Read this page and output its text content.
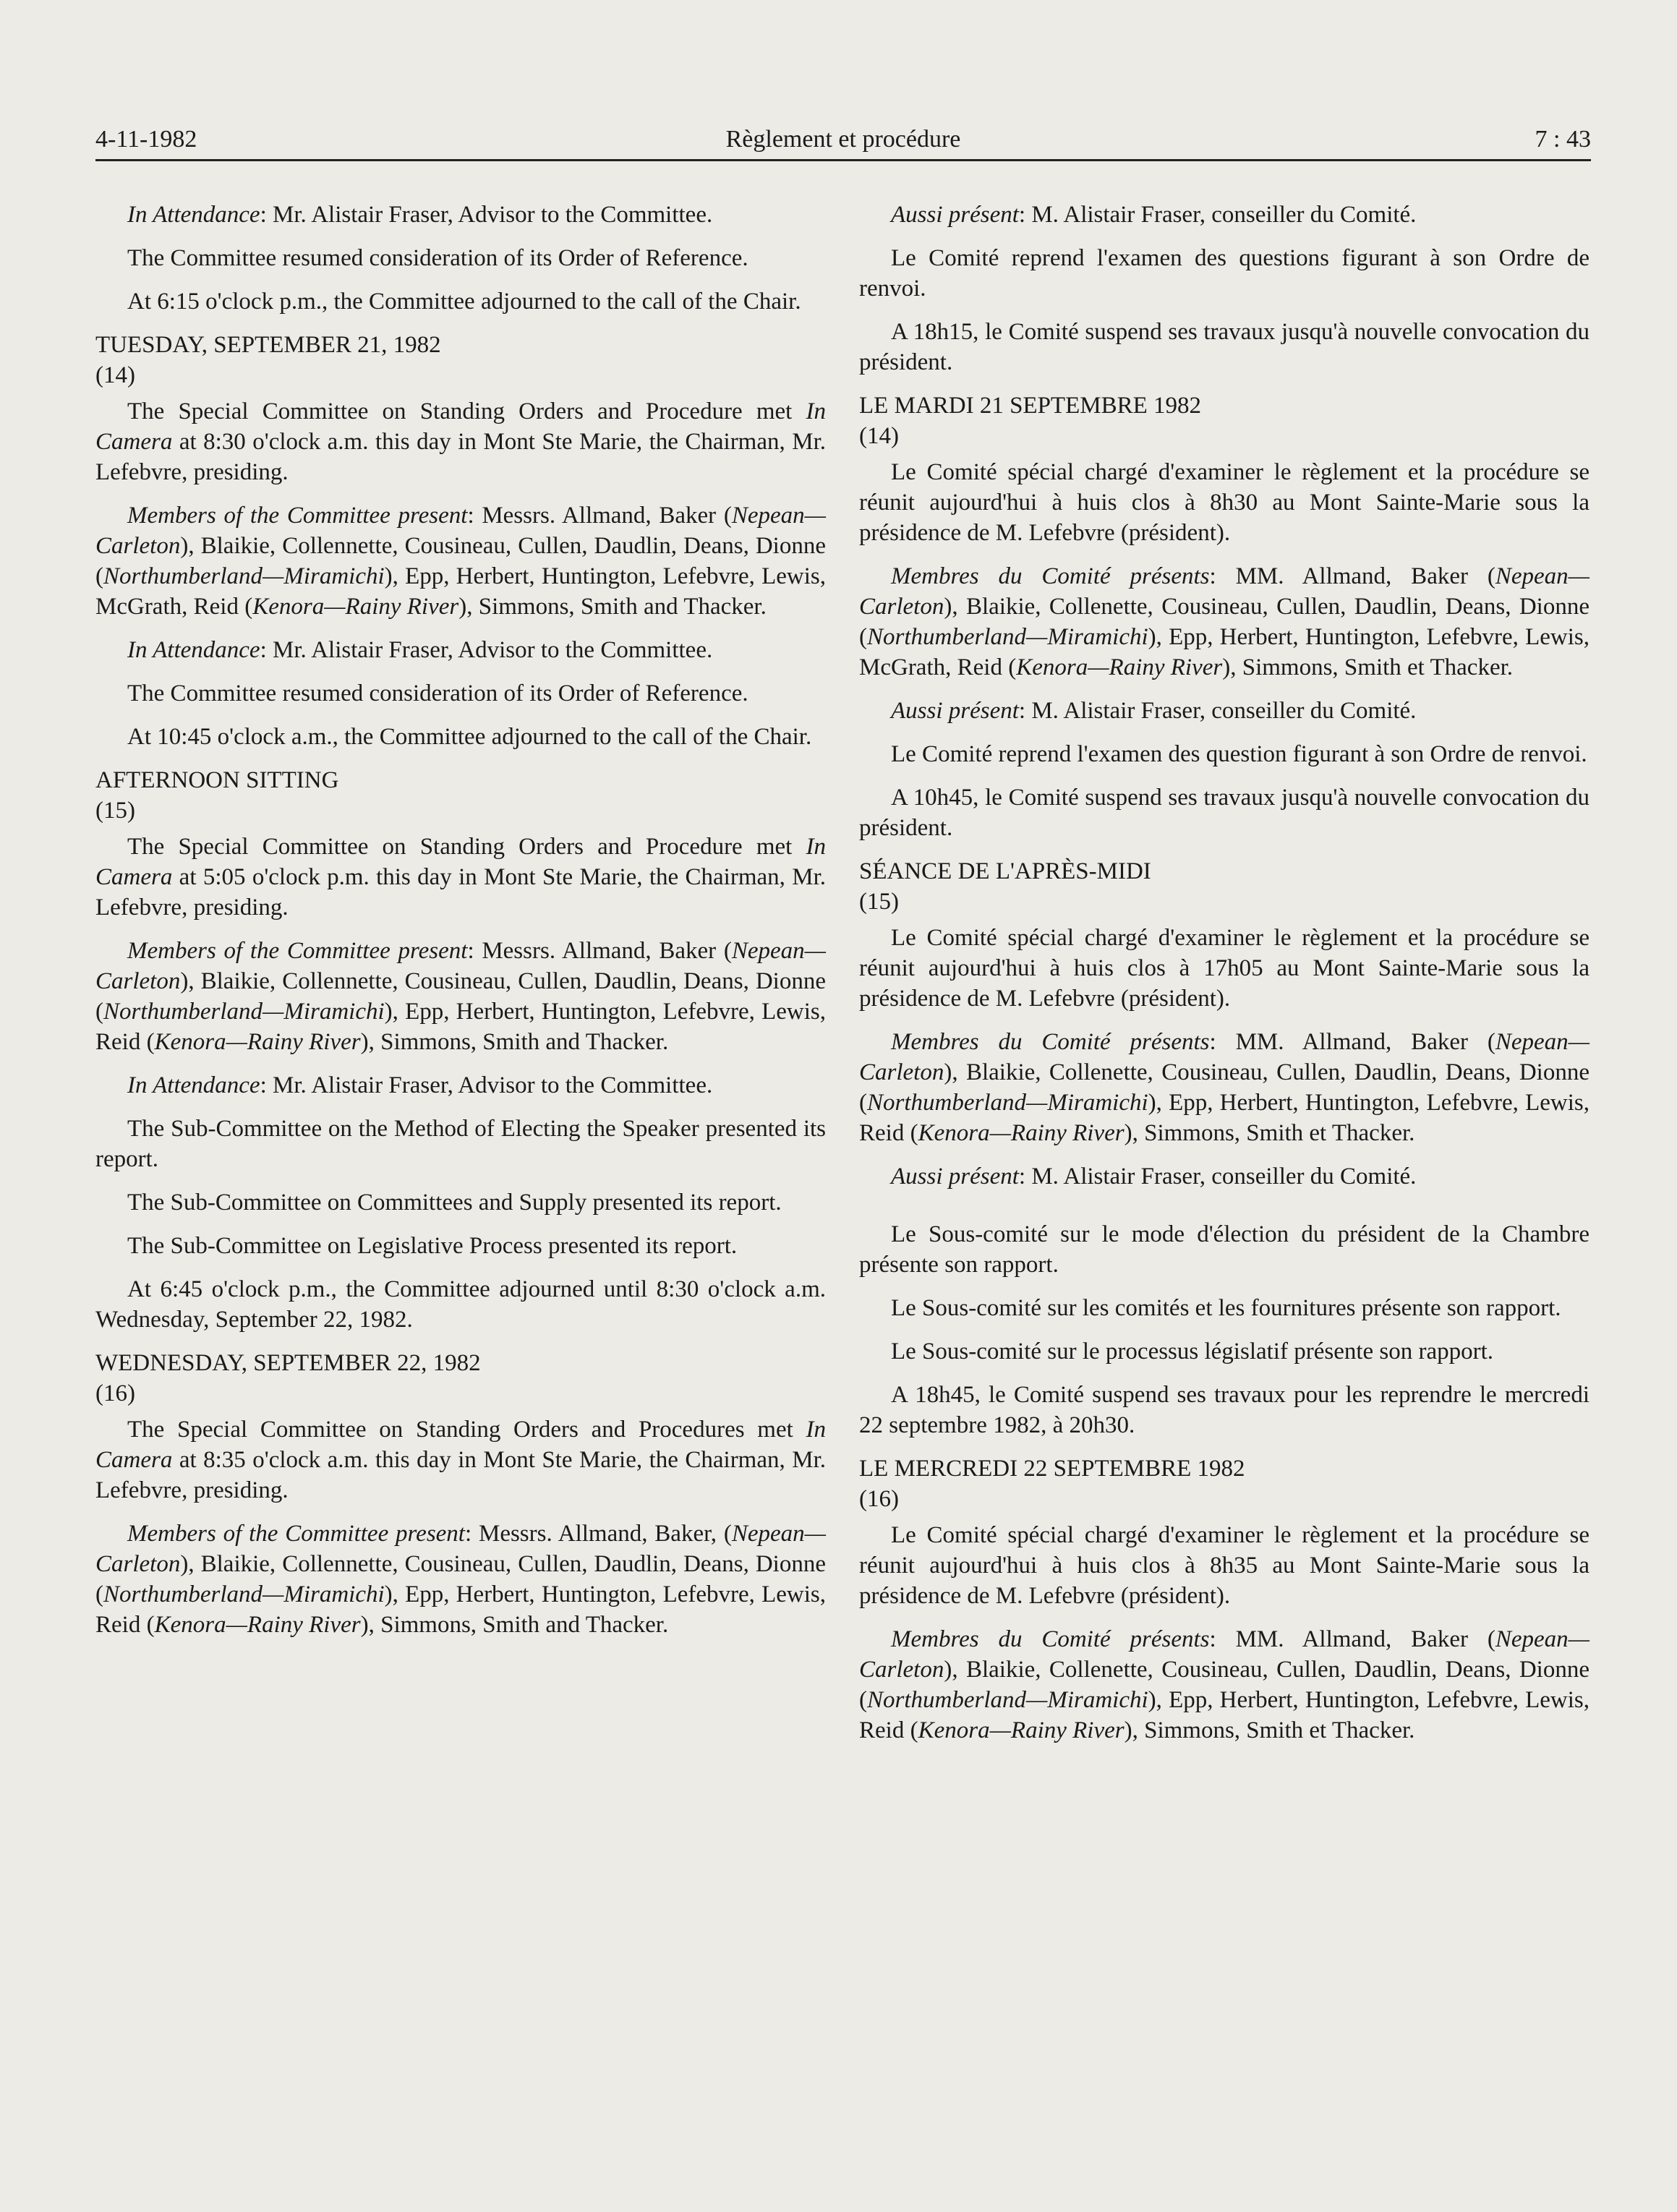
4-11-1982	Règlement et procédure	7 : 43

In Attendance: Mr. Alistair Fraser, Advisor to the Committee.

The Committee resumed consideration of its Order of Reference.

At 6:15 o'clock p.m., the Committee adjourned to the call of the Chair.

TUESDAY, SEPTEMBER 21, 1982

(14)

The Special Committee on Standing Orders and Procedure met In Camera at 8:30 o'clock a.m. this day in Mont Ste Marie, the Chairman, Mr. Lefebvre, presiding.

Members of the Committee present: Messrs. Allmand, Baker (Nepean—Carleton), Blaikie, Collennette, Cousineau, Cullen, Daudlin, Deans, Dionne (Northumberland—Miramichi), Epp, Herbert, Huntington, Lefebvre, Lewis, McGrath, Reid (Kenora—Rainy River), Simmons, Smith and Thacker.

In Attendance: Mr. Alistair Fraser, Advisor to the Committee.

The Committee resumed consideration of its Order of Reference.

At 10:45 o'clock a.m., the Committee adjourned to the call of the Chair.

AFTERNOON SITTING

(15)

The Special Committee on Standing Orders and Procedure met In Camera at 5:05 o'clock p.m. this day in Mont Ste Marie, the Chairman, Mr. Lefebvre, presiding.

Members of the Committee present: Messrs. Allmand, Baker (Nepean—Carleton), Blaikie, Collennette, Cousineau, Cullen, Daudlin, Deans, Dionne (Northumberland—Miramichi), Epp, Herbert, Huntington, Lefebvre, Lewis, Reid (Kenora—Rainy River), Simmons, Smith and Thacker.

In Attendance: Mr. Alistair Fraser, Advisor to the Committee.

The Sub-Committee on the Method of Electing the Speaker presented its report.

The Sub-Committee on Committees and Supply presented its report.

The Sub-Committee on Legislative Process presented its report.

At 6:45 o'clock p.m., the Committee adjourned until 8:30 o'clock a.m. Wednesday, September 22, 1982.

WEDNESDAY, SEPTEMBER 22, 1982

(16)

The Special Committee on Standing Orders and Procedures met In Camera at 8:35 o'clock a.m. this day in Mont Ste Marie, the Chairman, Mr. Lefebvre, presiding.

Members of the Committee present: Messrs. Allmand, Baker, (Nepean—Carleton), Blaikie, Collennette, Cousineau, Cullen, Daudlin, Deans, Dionne (Northumberland—Miramichi), Epp, Herbert, Huntington, Lefebvre, Lewis, Reid (Kenora—Rainy River), Simmons, Smith and Thacker.

Aussi présent: M. Alistair Fraser, conseiller du Comité.

Le Comité reprend l'examen des questions figurant à son Ordre de renvoi.

A 18h15, le Comité suspend ses travaux jusqu'à nouvelle convocation du président.

LE MARDI 21 SEPTEMBRE 1982

(14)

Le Comité spécial chargé d'examiner le règlement et la procédure se réunit aujourd'hui à huis clos à 8h30 au Mont Sainte-Marie sous la présidence de M. Lefebvre (président).

Membres du Comité présents: MM. Allmand, Baker (Nepean—Carleton), Blaikie, Collenette, Cousineau, Cullen, Daudlin, Deans, Dionne (Northumberland—Miramichi), Epp, Herbert, Huntington, Lefebvre, Lewis, McGrath, Reid (Kenora—Rainy River), Simmons, Smith et Thacker.

Aussi présent: M. Alistair Fraser, conseiller du Comité.

Le Comité reprend l'examen des question figurant à son Ordre de renvoi.

A 10h45, le Comité suspend ses travaux jusqu'à nouvelle convocation du président.

SÉANCE DE L'APRÈS-MIDI

(15)

Le Comité spécial chargé d'examiner le règlement et la procédure se réunit aujourd'hui à huis clos à 17h05 au Mont Sainte-Marie sous la présidence de M. Lefebvre (président).

Membres du Comité présents: MM. Allmand, Baker (Nepean—Carleton), Blaikie, Collenette, Cousineau, Cullen, Daudlin, Deans, Dionne (Northumberland—Miramichi), Epp, Herbert, Huntington, Lefebvre, Lewis, Reid (Kenora—Rainy River), Simmons, Smith et Thacker.

Aussi présent: M. Alistair Fraser, conseiller du Comité.

Le Sous-comité sur le mode d'élection du président de la Chambre présente son rapport.

Le Sous-comité sur les comités et les fournitures présente son rapport.

Le Sous-comité sur le processus législatif présente son rapport.

A 18h45, le Comité suspend ses travaux pour les reprendre le mercredi 22 septembre 1982, à 20h30.

LE MERCREDI 22 SEPTEMBRE 1982

(16)

Le Comité spécial chargé d'examiner le règlement et la procédure se réunit aujourd'hui à huis clos à 8h35 au Mont Sainte-Marie sous la présidence de M. Lefebvre (président).

Membres du Comité présents: MM. Allmand, Baker (Nepean—Carleton), Blaikie, Collenette, Cousineau, Cullen, Daudlin, Deans, Dionne (Northumberland—Miramichi), Epp, Herbert, Huntington, Lefebvre, Lewis, Reid (Kenora—Rainy River), Simmons, Smith et Thacker.
